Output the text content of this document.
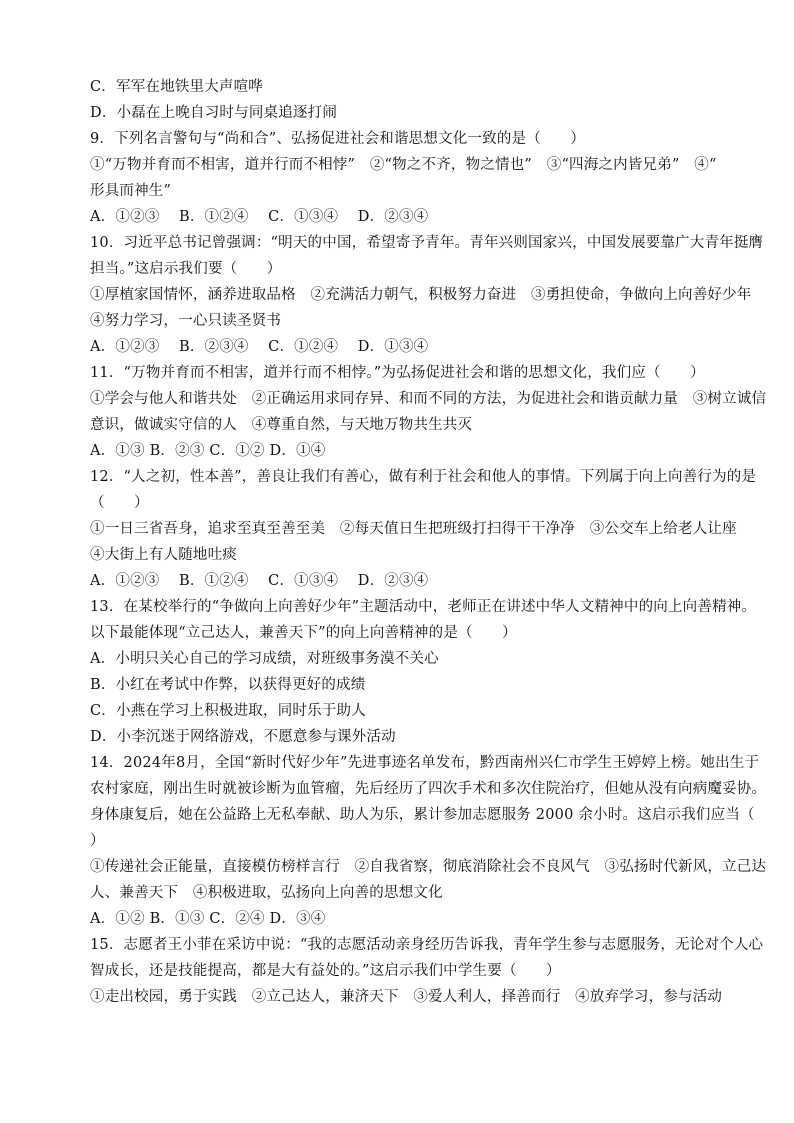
C．军军在地铁里大声喧哗
D．小磊在上晚自习时与同桌追逐打闹
9．下列名言警句与“尚和合”、弘扬促进社会和谐思想文化一致的是（　　）
①“万物并育而不相害，道并行而不相悖”　②“物之不齐，物之情也”　③“四海之内皆兄弟”　④“
形具而神生”
A．①②③　 B．①②④　 C．①③④　 D．②③④
10．习近平总书记曾强调：“明天的中国，希望寄予青年。青年兴则国家兴，中国发展要靠广大青年挺膺
担当。”这启示我们要（　　）
①厚植家国情怀，涵养进取品格　②充满活力朝气，积极努力奋进　③勇担使命，争做向上向善好少年
④努力学习，一心只读圣贤书
A．①②③　 B．②③④　 C．①②④　 D．①③④
11．“万物并育而不相害，道并行而不相悖。”为弘扬促进社会和谐的思想文化，我们应（　　）
①学会与他人和谐共处　②正确运用求同存异、和而不同的方法，为促进社会和谐贡献力量　③树立诚信
意识，做诚实守信的人　④尊重自然，与天地万物共生共灭
A．①③ B．②③ C．①② D．①④
12．“人之初，性本善”，善良让我们有善心，做有利于社会和他人的事情。下列属于向上向善行为的是
（　　）
①一日三省吾身，追求至真至善至美　②每天值日生把班级打扫得干干净净　③公交车上给老人让座
④大街上有人随地吐痰
A．①②③　 B．①②④　 C．①③④　 D．②③④
13．在某校举行的“争做向上向善好少年”主题活动中，老师正在讲述中华人文精神中的向上向善精神。
以下最能体现“立己达人，兼善天下”的向上向善精神的是（　　）
A．小明只关心自己的学习成绩，对班级事务漠不关心
B．小红在考试中作弊，以获得更好的成绩
C．小燕在学习上积极进取，同时乐于助人
D．小李沉迷于网络游戏，不愿意参与课外活动
14．2024年8月，全国“新时代好少年”先进事迹名单发布，黔西南州兴仁市学生王婷婷上榜。她出生于
农村家庭，刚出生时就被诊断为血管瘤，先后经历了四次手术和多次住院治疗，但她从没有向病魔妥协。
身体康复后，她在公益路上无私奉献、助人为乐，累计参加志愿服务 2000 余小时。这启示我们应当（
）
①传递社会正能量，直接模仿榜样言行　②自我省察，彻底消除社会不良风气　③弘扬时代新风，立己达
人、兼善天下　④积极进取，弘扬向上向善的思想文化
A．①② B．①③ C．②④ D．③④
15．志愿者王小菲在采访中说：“我的志愿活动亲身经历告诉我，青年学生参与志愿服务，无论对个人心
智成长，还是技能提高，都是大有益处的。”这启示我们中学生要（　　）
①走出校园，勇于实践　②立己达人，兼济天下　③爱人利人，择善而行　④放弃学习，参与活动
